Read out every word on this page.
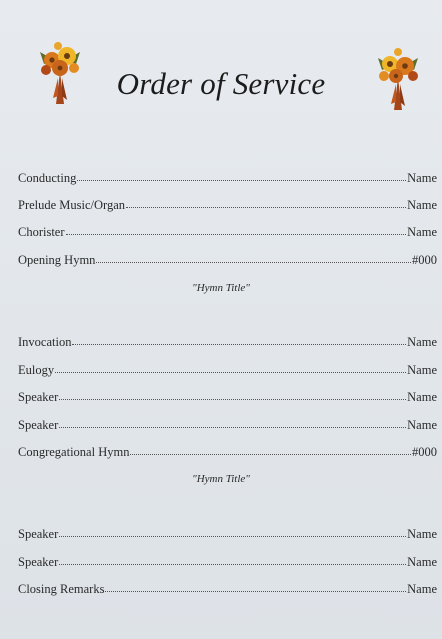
Order of Service
Conducting	Name
Prelude Music/Organ	Name
Chorister	Name
Opening Hymn	#000
"Hymn Title"
Invocation	Name
Eulogy	Name
Speaker	Name
Speaker	Name
Congregational Hymn	#000
"Hymn Title"
Speaker	Name
Speaker	Name
Closing Remarks	Name
